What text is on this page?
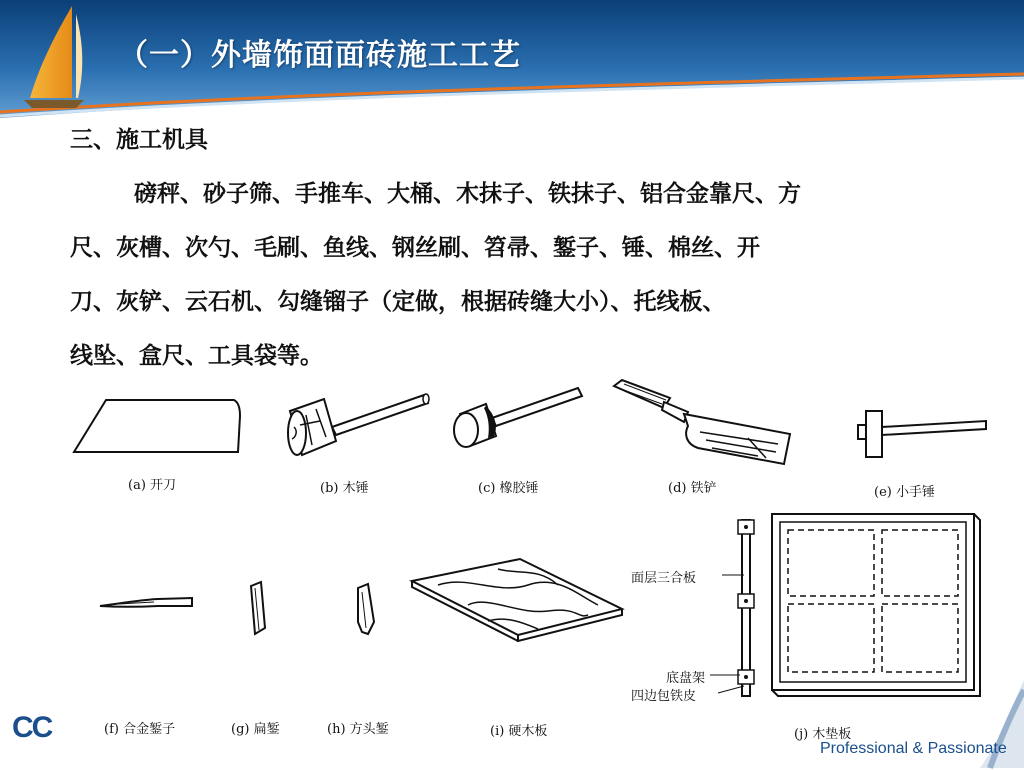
（一）外墙饰面面砖施工工艺
三、施工机具
磅秤、砂子筛、手推车、大桶、木抹子、铁抹子、铝合金靠尺、方
尺、灰槽、次勺、毛刷、鱼线、钢丝刷、笤帚、錾子、锤、棉丝、开
刀、灰铲、云石机、勾缝镏子（定做，根据砖缝大小）、托线板、
线坠、盒尺、工具袋等。
(a) 开刀	(b) 木锤	(c) 橡胶锤	(d) 铁铲	(e) 小手锤
(f) 合金錾子	(g) 扁錾	(h) 方头錾	(i) 硬木板
面层三合板
底盘架
四边包铁皮
(j) 木垫板
CC
Professional & Passionate
